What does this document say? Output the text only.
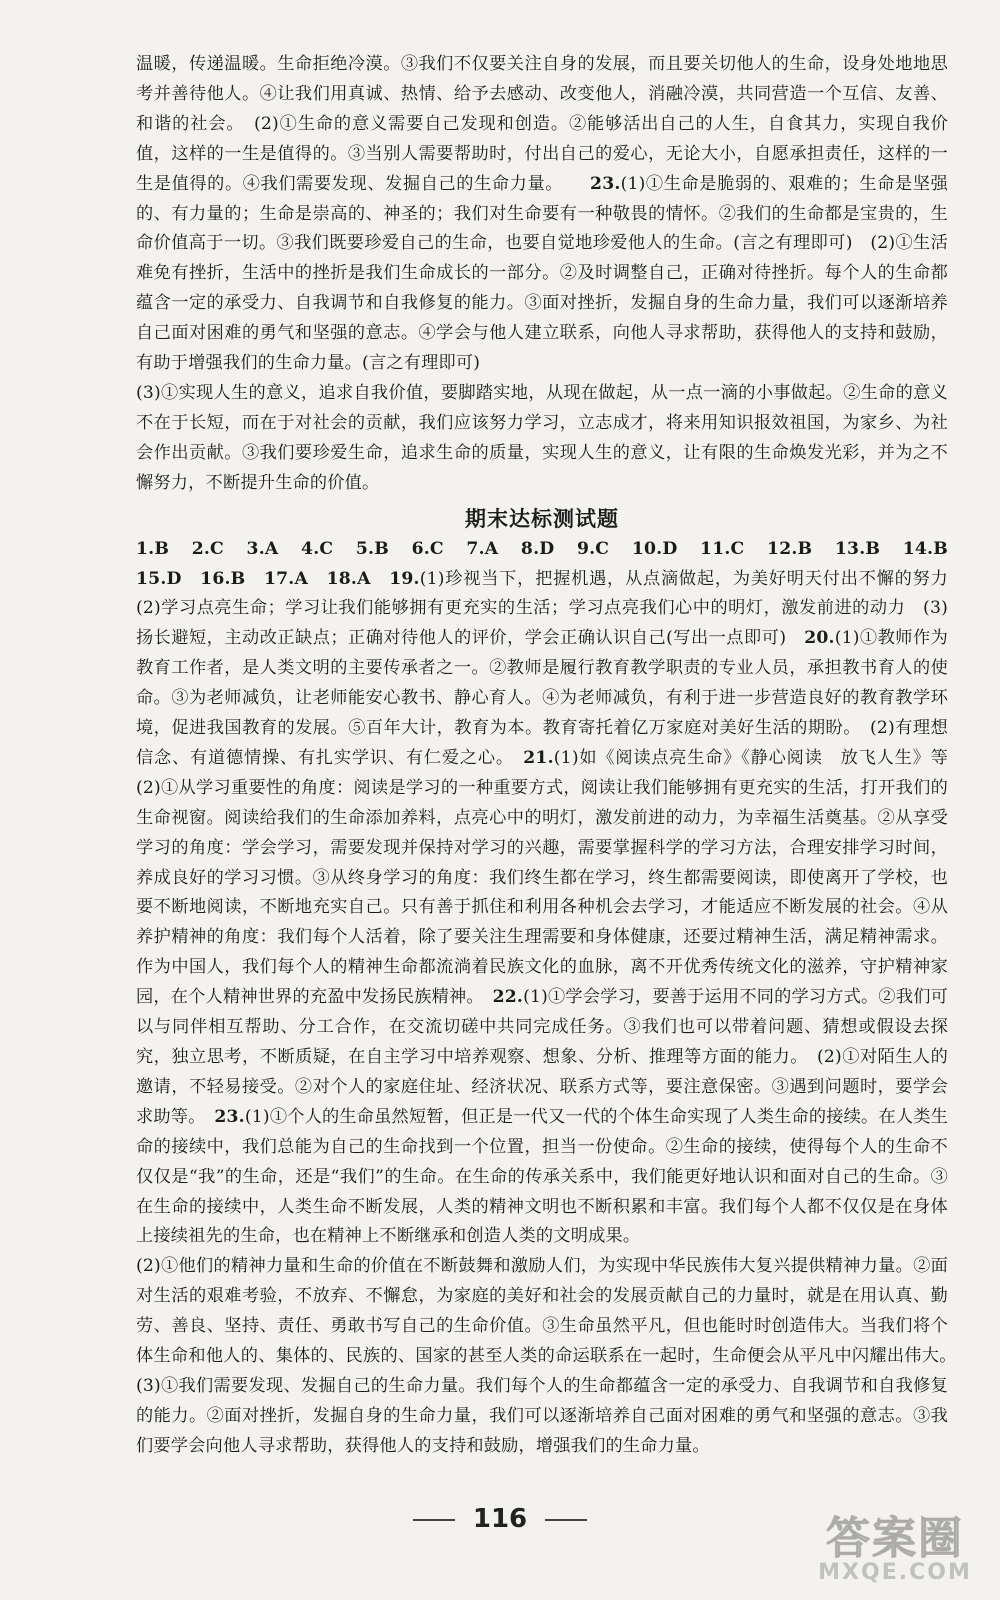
温暖，传递温暖。生命拒绝冷漠。③我们不仅要关注自身的发展，而且要关切他人的生命，设身处地地思考并善待他人。④让我们用真诚、热情、给予去感动、改变他人，消融冷漠，共同营造一个互信、友善、和谐的社会。　(2)①生命的意义需要自己发现和创造。②能够活出自己的人生，自食其力，实现自我价值，这样的一生是值得的。③当别人需要帮助时，付出自己的爱心，无论大小，自愿承担责任，这样的一生是值得的。④我们需要发现、发掘自己的生命力量。　　 23.(1)①生命是脆弱的、艰难的；生命是坚强的、有力量的；生命是崇高的、神圣的；我们对生命要有一种敬畏的情怀。②我们的生命都是宝贵的，生命价值高于一切。③我们既要珍爱自己的生命，也要自觉地珍爱他人的生命。(言之有理即可)　(2)①生活难免有挫折，生活中的挫折是我们生命成长的一部分。②及时调整自己，正确对待挫折。每个人的生命都蕴含一定的承受力、自我调节和自我修复的能力。③面对挫折，发掘自身的生命力量，我们可以逐渐培养自己面对困难的勇气和坚强的意志。④学会与他人建立联系，向他人寻求帮助，获得他人的支持和鼓励，有助于增强我们的生命力量。(言之有理即可)

(3)①实现人生的意义，追求自我价值，要脚踏实地，从现在做起，从一点一滴的小事做起。②生命的意义不在于长短，而在于对社会的贡献，我们应该努力学习，立志成才，将来用知识报效祖国，为家乡、为社会作出贡献。③我们要珍爱生命，追求生命的质量，实现人生的意义，让有限的生命焕发光彩，并为之不懈努力，不断提升生命的价值。

期末达标测试题
1.B 2.C 3.A 4.C 5.B 6.C 7.A 8.D 9.C 10.D 11.C 12.B 13.B 14.B

15.D　16.B　17.A　18.A　19.(1)珍视当下，把握机遇，从点滴做起，为美好明天付出不懈的努力　(2)学习点亮生命；学习让我们能够拥有更充实的生活；学习点亮我们心中的明灯，激发前进的动力　(3)扬长避短，主动改正缺点；正确对待他人的评价，学会正确认识自己(写出一点即可)　20.(1)①教师作为教育工作者，是人类文明的主要传承者之一。②教师是履行教育教学职责的专业人员，承担教书育人的使命。③为老师减负，让老师能安心教书、静心育人。④为老师减负，有利于进一步营造良好的教育教学环境，促进我国教育的发展。⑤百年大计，教育为本。教育寄托着亿万家庭对美好生活的期盼。　(2)有理想信念、有道德情操、有扎实学识、有仁爱之心。　21.(1)如《阅读点亮生命》《静心阅读　放飞人生》等　(2)①从学习重要性的角度：阅读是学习的一种重要方式，阅读让我们能够拥有更充实的生活，打开我们的生命视窗。阅读给我们的生命添加养料，点亮心中的明灯，激发前进的动力，为幸福生活奠基。②从享受学习的角度：学会学习，需要发现并保持对学习的兴趣，需要掌握科学的学习方法，合理安排学习时间，养成良好的学习习惯。③从终身学习的角度：我们终生都在学习，终生都需要阅读，即使离开了学校，也要不断地阅读，不断地充实自己。只有善于抓住和利用各种机会去学习，才能适应不断发展的社会。④从养护精神的角度：我们每个人活着，除了要关注生理需要和身体健康，还要过精神生活，满足精神需求。作为中国人，我们每个人的精神生命都流淌着民族文化的血脉，离不开优秀传统文化的滋养，守护精神家园，在个人精神世界的充盈中发扬民族精神。　22.(1)①学会学习，要善于运用不同的学习方式。②我们可以与同伴相互帮助、分工合作，在交流切磋中共同完成任务。③我们也可以带着问题、猜想或假设去探究，独立思考，不断质疑，在自主学习中培养观察、想象、分析、推理等方面的能力。　(2)①对陌生人的邀请，不轻易接受。②对个人的家庭住址、经济状况、联系方式等，要注意保密。③遇到问题时，要学会求助等。　23.(1)①个人的生命虽然短暂，但正是一代又一代的个体生命实现了人类生命的接续。在人类生命的接续中，我们总能为自己的生命找到一个位置，担当一份使命。②生命的接续，使得每个人的生命不仅仅是“我”的生命，还是“我们”的生命。在生命的传承关系中，我们能更好地认识和面对自己的生命。③在生命的接续中，人类生命不断发展，人类的精神文明也不断积累和丰富。我们每个人都不仅仅是在身体上接续祖先的生命，也在精神上不断继承和创造人类的文明成果。

(2)①他们的精神力量和生命的价值在不断鼓舞和激励人们，为实现中华民族伟大复兴提供精神力量。②面对生活的艰难考验，不放弃、不懈怠，为家庭的美好和社会的发展贡献自己的力量时，就是在用认真、勤劳、善良、坚持、责任、勇敢书写自己的生命价值。③生命虽然平凡，但也能时时创造伟大。当我们将个体生命和他人的、集体的、民族的、国家的甚至人类的命运联系在一起时，生命便会从平凡中闪耀出伟大。　(3)①我们需要发现、发掘自己的生命力量。我们每个人的生命都蕴含一定的承受力、自我调节和自我修复的能力。②面对挫折，发掘自身的生命力量，我们可以逐渐培养自己面对困难的勇气和坚强的意志。③我们要学会向他人寻求帮助，获得他人的支持和鼓励，增强我们的生命力量。

116	答案圈
MXQE.COM
